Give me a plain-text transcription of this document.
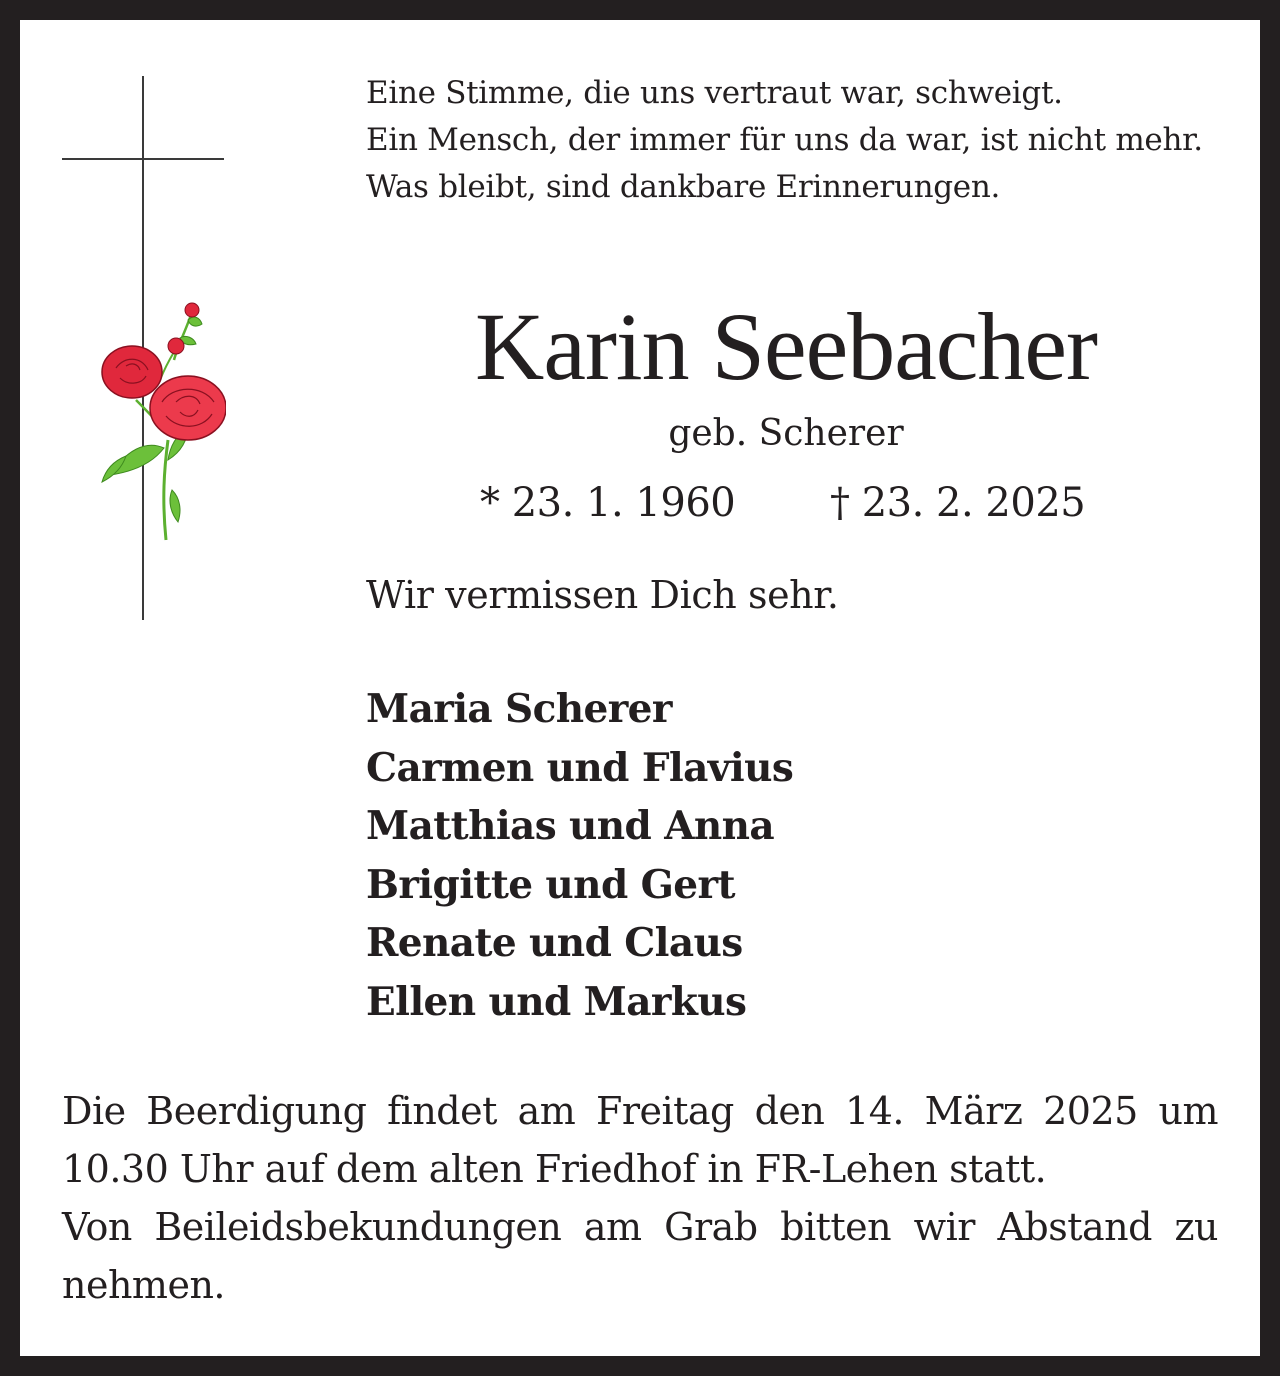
Eine Stimme, die uns vertraut war, schweigt.
Ein Mensch, der immer für uns da war, ist nicht mehr.
Was bleibt, sind dankbare Erinnerungen.
Karin Seebacher
geb. Scherer
* 23. 1. 1960 † 23. 2. 2025
Wir vermissen Dich sehr.
Maria Scherer
Carmen und Flavius
Matthias und Anna
Brigitte und Gert
Renate und Claus
Ellen und Markus

Die Beerdigung findet am Freitag den 14. März 2025 um 10.30 Uhr auf dem alten Friedhof in FR-Lehen statt.

Von Beileidsbekundungen am Grab bitten wir Abstand zu nehmen.
